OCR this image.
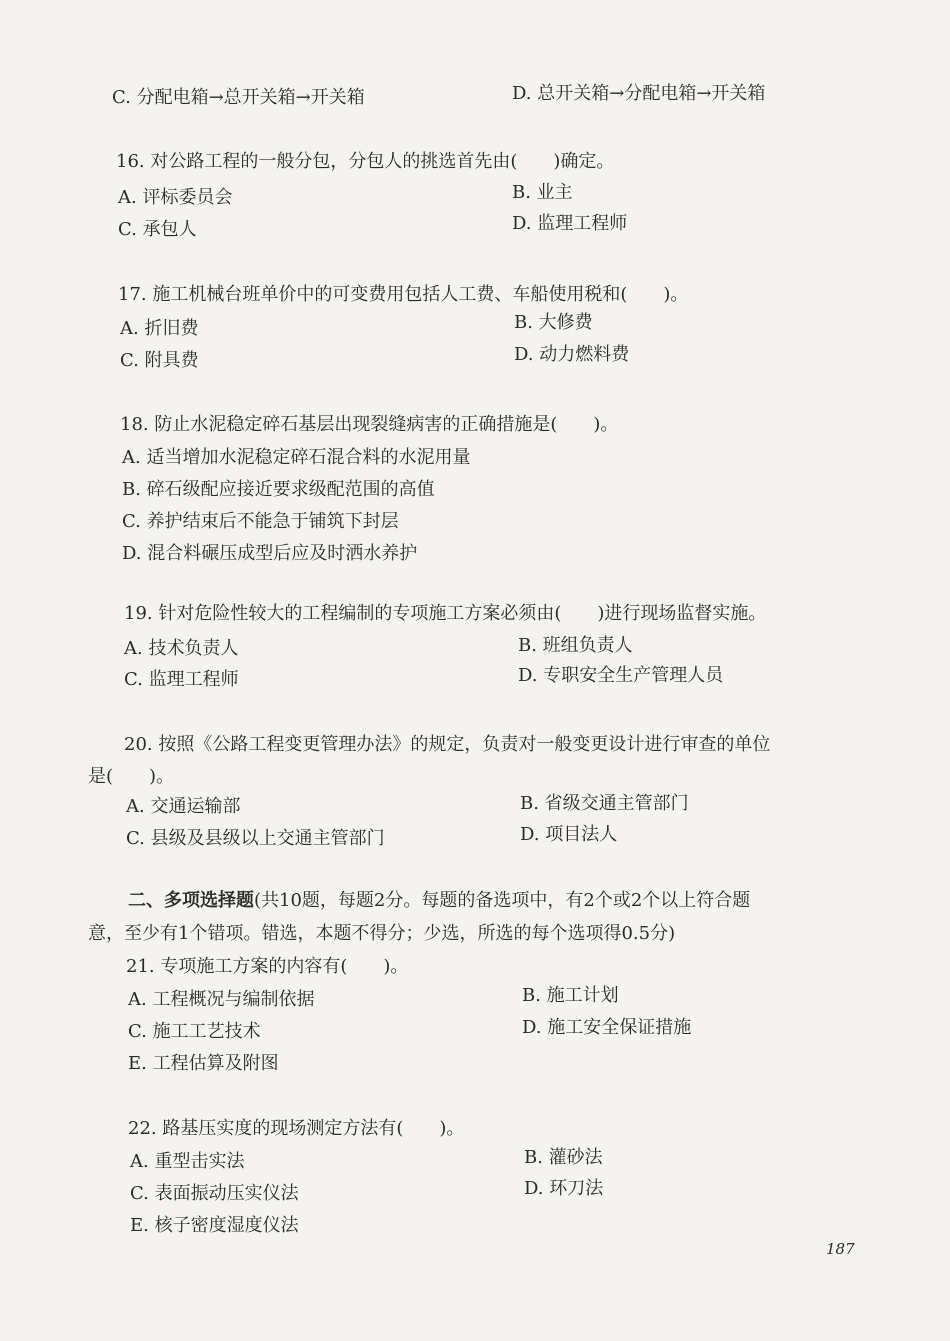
C. 分配电箱→总开关箱→开关箱	D. 总开关箱→分配电箱→开关箱
16. 对公路工程的一般分包，分包人的挑选首先由(　　)确定。
A. 评标委员会	B. 业主
C. 承包人	D. 监理工程师
17. 施工机械台班单价中的可变费用包括人工费、车船使用税和(　　)。
A. 折旧费	B. 大修费
C. 附具费	D. 动力燃料费
18. 防止水泥稳定碎石基层出现裂缝病害的正确措施是(　　)。
A. 适当增加水泥稳定碎石混合料的水泥用量
B. 碎石级配应接近要求级配范围的高值
C. 养护结束后不能急于铺筑下封层
D. 混合料碾压成型后应及时洒水养护
19. 针对危险性较大的工程编制的专项施工方案必须由(　　)进行现场监督实施。
A. 技术负责人	B. 班组负责人
C. 监理工程师	D. 专职安全生产管理人员
20. 按照《公路工程变更管理办法》的规定，负责对一般变更设计进行审查的单位
是(　　)。
A. 交通运输部	B. 省级交通主管部门
C. 县级及县级以上交通主管部门	D. 项目法人
二、多项选择题(共10题，每题2分。每题的备选项中，有2个或2个以上符合题
意，至少有1个错项。错选，本题不得分；少选，所选的每个选项得0.5分)
21. 专项施工方案的内容有(　　)。
A. 工程概况与编制依据	B. 施工计划
C. 施工工艺技术	D. 施工安全保证措施
E. 工程估算及附图
22. 路基压实度的现场测定方法有(　　)。
A. 重型击实法	B. 灌砂法
C. 表面振动压实仪法	D. 环刀法
E. 核子密度湿度仪法
187
